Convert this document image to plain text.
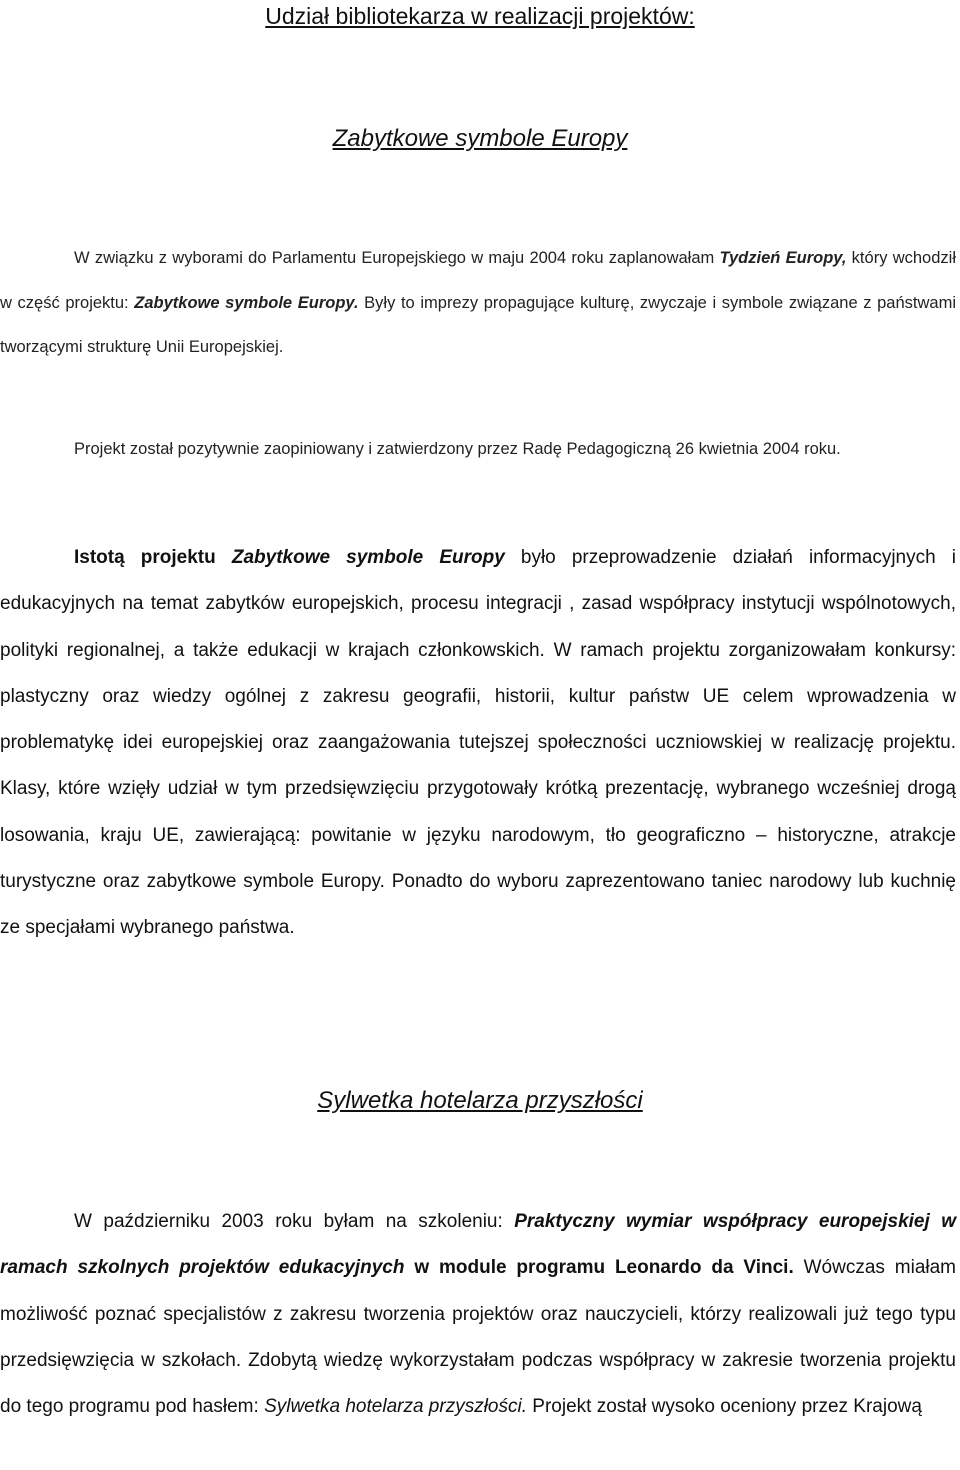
Udział bibliotekarza w realizacji projektów:
Zabytkowe symbole Europy

W związku z wyborami do Parlamentu Europejskiego w maju 2004 roku zaplanowałam Tydzień Europy, który wchodził w część projektu: Zabytkowe symbole Europy. Były to imprezy propagujące kulturę, zwyczaje i symbole związane z państwami tworzącymi strukturę Unii Europejskiej.

Projekt został pozytywnie zaopiniowany i zatwierdzony przez Radę Pedagogiczną 26 kwietnia 2004 roku.

Istotą projektu Zabytkowe symbole Europy było przeprowadzenie działań informacyjnych i edukacyjnych na temat zabytków europejskich, procesu integracji , zasad współpracy instytucji wspólnotowych, polityki regionalnej, a także edukacji w krajach członkowskich. W ramach projektu zorganizowałam konkursy: plastyczny oraz wiedzy ogólnej z zakresu geografii, historii, kultur państw UE celem wprowadzenia w problematykę idei europejskiej oraz zaangażowania tutejszej społeczności uczniowskiej w realizację projektu. Klasy, które wzięły udział w tym przedsięwzięciu przygotowały krótką prezentację, wybranego wcześniej drogą losowania, kraju UE, zawierającą: powitanie w języku narodowym, tło geograficzno – historyczne, atrakcje turystyczne oraz zabytkowe symbole Europy. Ponadto do wyboru zaprezentowano taniec narodowy lub kuchnię ze specjałami wybranego państwa.

Sylwetka hotelarza przyszłości

W październiku 2003 roku byłam na szkoleniu: Praktyczny wymiar współpracy europejskiej w ramach szkolnych projektów edukacyjnych w module programu Leonardo da Vinci. Wówczas miałam możliwość poznać specjalistów z zakresu tworzenia projektów oraz nauczycieli, którzy realizowali już tego typu przedsięwzięcia w szkołach. Zdobytą wiedzę wykorzystałam podczas współpracy w zakresie tworzenia projektu do tego programu pod hasłem: Sylwetka hotelarza przyszłości. Projekt został wysoko oceniony przez Krajową
